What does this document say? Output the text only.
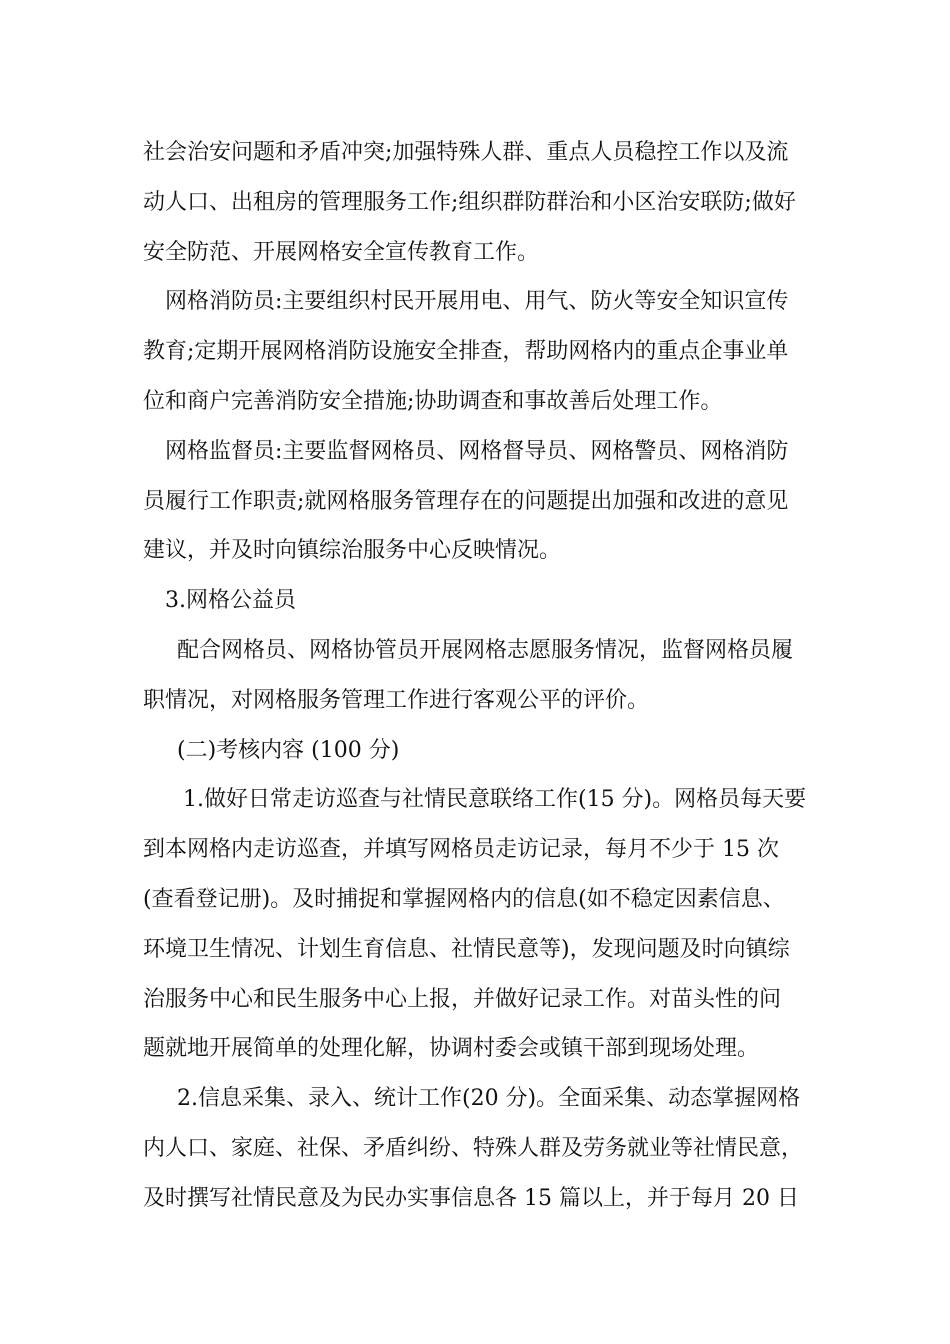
社会治安问题和矛盾冲突;加强特殊人群、重点人员稳控工作以及流
动人口、出租房的管理服务工作;组织群防群治和小区治安联防;做好
安全防范、开展网格安全宣传教育工作。
网格消防员:主要组织村民开展用电、用气、防火等安全知识宣传
教育;定期开展网格消防设施安全排查，帮助网格内的重点企事业单
位和商户完善消防安全措施;协助调查和事故善后处理工作。
网格监督员:主要监督网格员、网格督导员、网格警员、网格消防
员履行工作职责;就网格服务管理存在的问题提出加强和改进的意见
建议，并及时向镇综治服务中心反映情况。
3.网格公益员
配合网格员、网格协管员开展网格志愿服务情况，监督网格员履
职情况，对网格服务管理工作进行客观公平的评价。
(二)考核内容 (100 分)
1.做好日常走访巡查与社情民意联络工作(15 分)。网格员每天要
到本网格内走访巡查，并填写网格员走访记录，每月不少于 15 次
(查看登记册)。及时捕捉和掌握网格内的信息(如不稳定因素信息、
环境卫生情况、计划生育信息、社情民意等)，发现问题及时向镇综
治服务中心和民生服务中心上报，并做好记录工作。对苗头性的问
题就地开展简单的处理化解，协调村委会或镇干部到现场处理。
2.信息采集、录入、统计工作(20 分)。全面采集、动态掌握网格
内人口、家庭、社保、矛盾纠纷、特殊人群及劳务就业等社情民意，
及时撰写社情民意及为民办实事信息各 15 篇以上，并于每月 20 日
